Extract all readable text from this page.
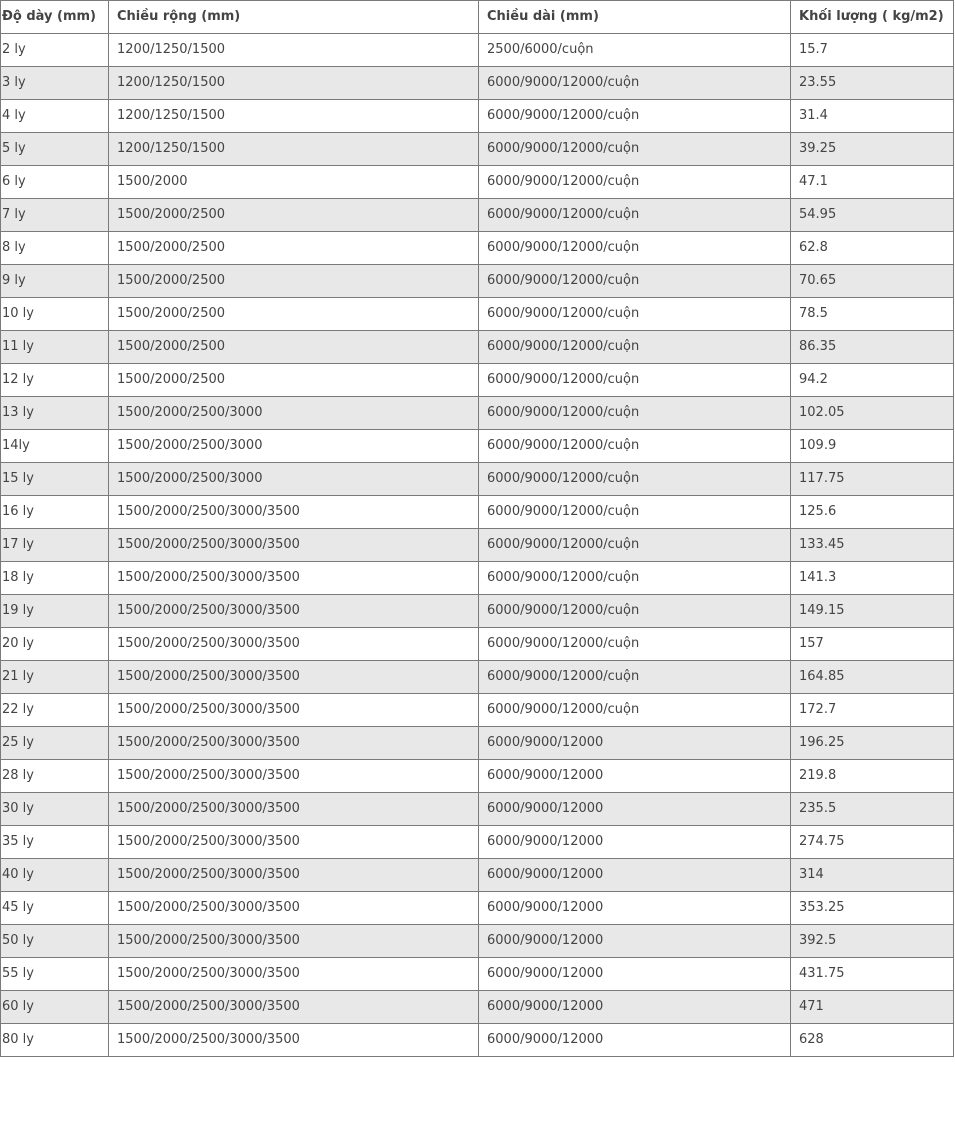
Độ dày (mm)	Chiều rộng (mm)	Chiều dài (mm)	Khối lượng ( kg/m2)
2 ly	1200/1250/1500	2500/6000/cuộn	15.7
3 ly	1200/1250/1500	6000/9000/12000/cuộn	23.55
4 ly	1200/1250/1500	6000/9000/12000/cuộn	31.4
5 ly	1200/1250/1500	6000/9000/12000/cuộn	39.25
6 ly	1500/2000	6000/9000/12000/cuộn	47.1
7 ly	1500/2000/2500	6000/9000/12000/cuộn	54.95
8 ly	1500/2000/2500	6000/9000/12000/cuộn	62.8
9 ly	1500/2000/2500	6000/9000/12000/cuộn	70.65
10 ly	1500/2000/2500	6000/9000/12000/cuộn	78.5
11 ly	1500/2000/2500	6000/9000/12000/cuộn	86.35
12 ly	1500/2000/2500	6000/9000/12000/cuộn	94.2
13 ly	1500/2000/2500/3000	6000/9000/12000/cuộn	102.05
14ly	1500/2000/2500/3000	6000/9000/12000/cuộn	109.9
15 ly	1500/2000/2500/3000	6000/9000/12000/cuộn	117.75
16 ly	1500/2000/2500/3000/3500	6000/9000/12000/cuộn	125.6
17 ly	1500/2000/2500/3000/3500	6000/9000/12000/cuộn	133.45
18 ly	1500/2000/2500/3000/3500	6000/9000/12000/cuộn	141.3
19 ly	1500/2000/2500/3000/3500	6000/9000/12000/cuộn	149.15
20 ly	1500/2000/2500/3000/3500	6000/9000/12000/cuộn	157
21 ly	1500/2000/2500/3000/3500	6000/9000/12000/cuộn	164.85
22 ly	1500/2000/2500/3000/3500	6000/9000/12000/cuộn	172.7
25 ly	1500/2000/2500/3000/3500	6000/9000/12000	196.25
28 ly	1500/2000/2500/3000/3500	6000/9000/12000	219.8
30 ly	1500/2000/2500/3000/3500	6000/9000/12000	235.5
35 ly	1500/2000/2500/3000/3500	6000/9000/12000	274.75
40 ly	1500/2000/2500/3000/3500	6000/9000/12000	314
45 ly	1500/2000/2500/3000/3500	6000/9000/12000	353.25
50 ly	1500/2000/2500/3000/3500	6000/9000/12000	392.5
55 ly	1500/2000/2500/3000/3500	6000/9000/12000	431.75
60 ly	1500/2000/2500/3000/3500	6000/9000/12000	471
80 ly	1500/2000/2500/3000/3500	6000/9000/12000	628
